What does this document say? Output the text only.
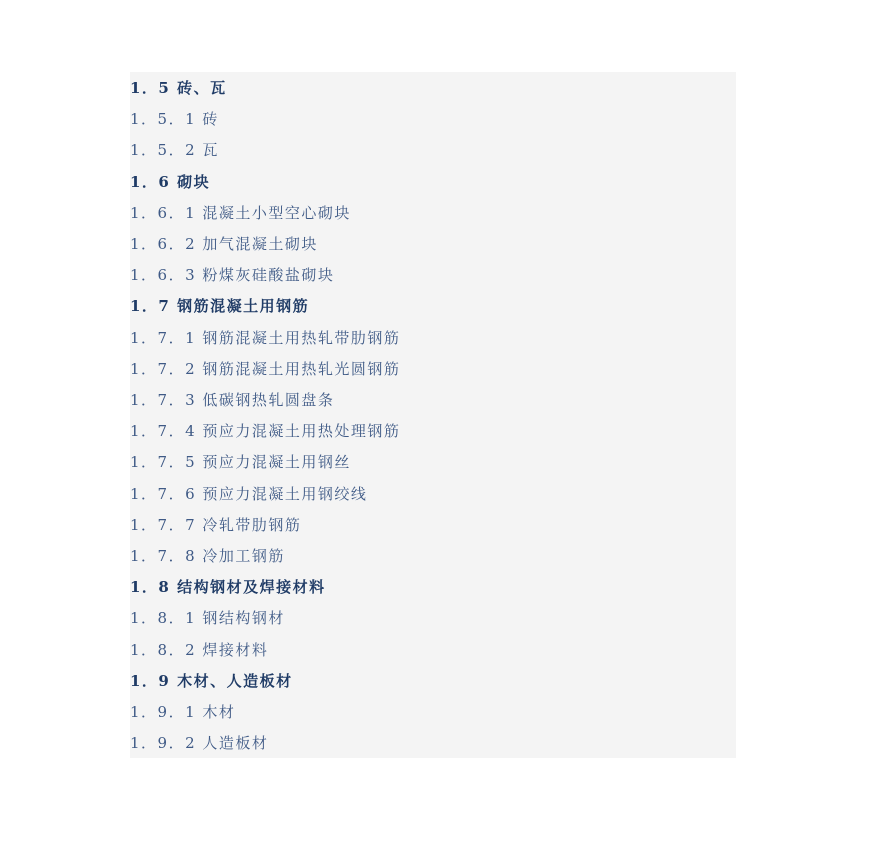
1．5 砖、瓦
1．5．1 砖
1．5．2 瓦
1．6 砌块
1．6．1 混凝土小型空心砌块
1．6．2 加气混凝土砌块
1．6．3 粉煤灰硅酸盐砌块
1．7 钢筋混凝土用钢筋
1．7．1 钢筋混凝土用热轧带肋钢筋
1．7．2 钢筋混凝土用热轧光圆钢筋
1．7．3 低碳钢热轧圆盘条
1．7．4 预应力混凝土用热处理钢筋
1．7．5 预应力混凝土用钢丝
1．7．6 预应力混凝土用钢绞线
1．7．7 冷轧带肋钢筋
1．7．8 冷加工钢筋
1．8 结构钢材及焊接材料
1．8．1 钢结构钢材
1．8．2 焊接材料
1．9 木材、人造板材
1．9．1 木材
1．9．2 人造板材
